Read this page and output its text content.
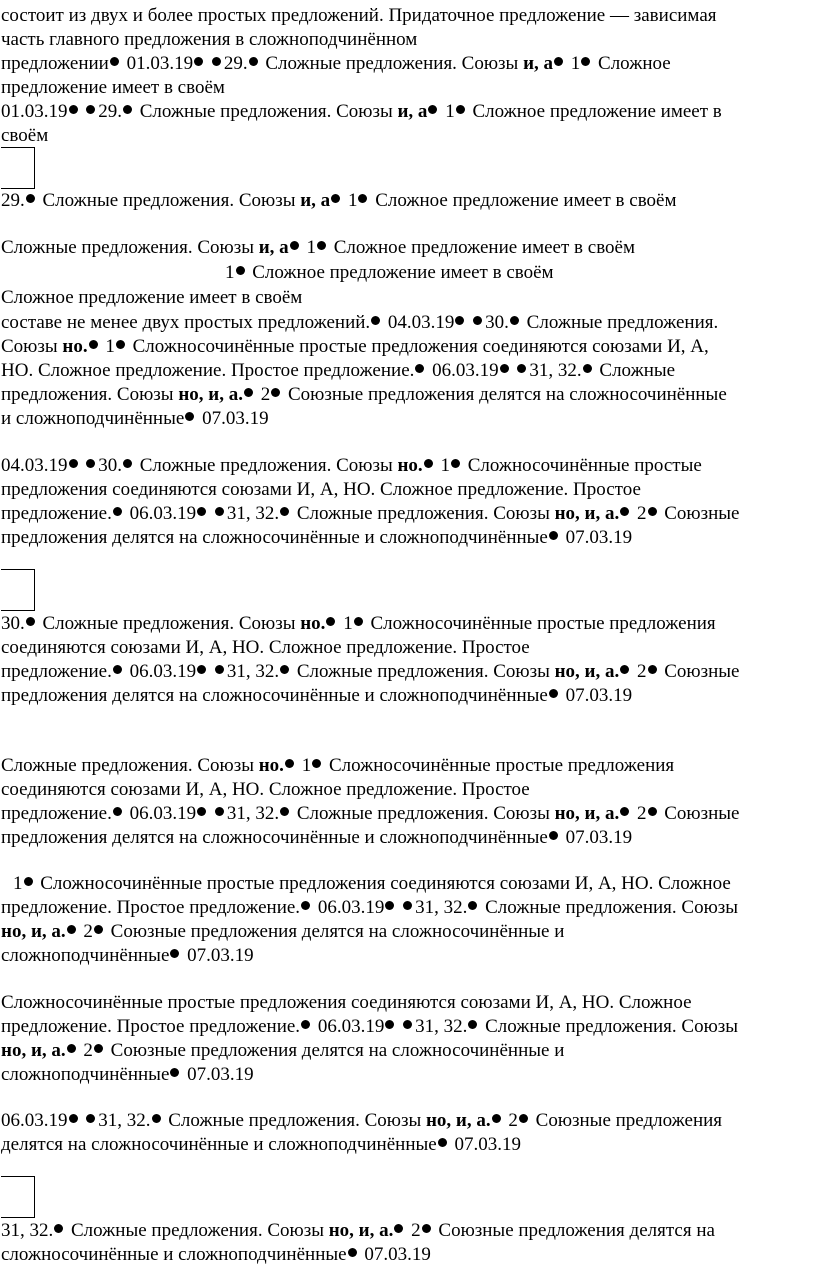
состоит из двух и более простых предложений. Придаточное предложение — зависимая
часть главного предложения в сложноподчинённом
предложении 01.03.19 29. Сложные предложения. Союзы и, а 1 Сложное
предложение имеет в своём
01.03.19 29. Сложные предложения. Союзы и, а 1 Сложное предложение имеет в
своём
29. Сложные предложения. Союзы и, а 1 Сложное предложение имеет в своём
Сложные предложения. Союзы и, а 1 Сложное предложение имеет в своём
1 Сложное предложение имеет в своём
Сложное предложение имеет в своём
составе не менее двух простых предложений. 04.03.19 30. Сложные предложения.
Союзы но. 1 Сложносочинённые простые предложения соединяются союзами И, А,
НО. Сложное предложение. Простое предложение. 06.03.19 31, 32. Сложные
предложения. Союзы но, и, а. 2 Союзные предложения делятся на сложносочинённые
и сложноподчинённые 07.03.19
04.03.19 30. Сложные предложения. Союзы но. 1 Сложносочинённые простые
предложения соединяются союзами И, А, НО. Сложное предложение. Простое
предложение. 06.03.19 31, 32. Сложные предложения. Союзы но, и, а. 2 Союзные
предложения делятся на сложносочинённые и сложноподчинённые 07.03.19
30. Сложные предложения. Союзы но. 1 Сложносочинённые простые предложения
соединяются союзами И, А, НО. Сложное предложение. Простое
предложение. 06.03.19 31, 32. Сложные предложения. Союзы но, и, а. 2 Союзные
предложения делятся на сложносочинённые и сложноподчинённые 07.03.19
Сложные предложения. Союзы но. 1 Сложносочинённые простые предложения
соединяются союзами И, А, НО. Сложное предложение. Простое
предложение. 06.03.19 31, 32. Сложные предложения. Союзы но, и, а. 2 Союзные
предложения делятся на сложносочинённые и сложноподчинённые 07.03.19
1 Сложносочинённые простые предложения соединяются союзами И, А, НО. Сложное
предложение. Простое предложение. 06.03.19 31, 32. Сложные предложения. Союзы
но, и, а. 2 Союзные предложения делятся на сложносочинённые и
сложноподчинённые 07.03.19
Сложносочинённые простые предложения соединяются союзами И, А, НО. Сложное
предложение. Простое предложение. 06.03.19 31, 32. Сложные предложения. Союзы
но, и, а. 2 Союзные предложения делятся на сложносочинённые и
сложноподчинённые 07.03.19
06.03.19 31, 32. Сложные предложения. Союзы но, и, а. 2 Союзные предложения
делятся на сложносочинённые и сложноподчинённые 07.03.19
31, 32. Сложные предложения. Союзы но, и, а. 2 Союзные предложения делятся на
сложносочинённые и сложноподчинённые 07.03.19
